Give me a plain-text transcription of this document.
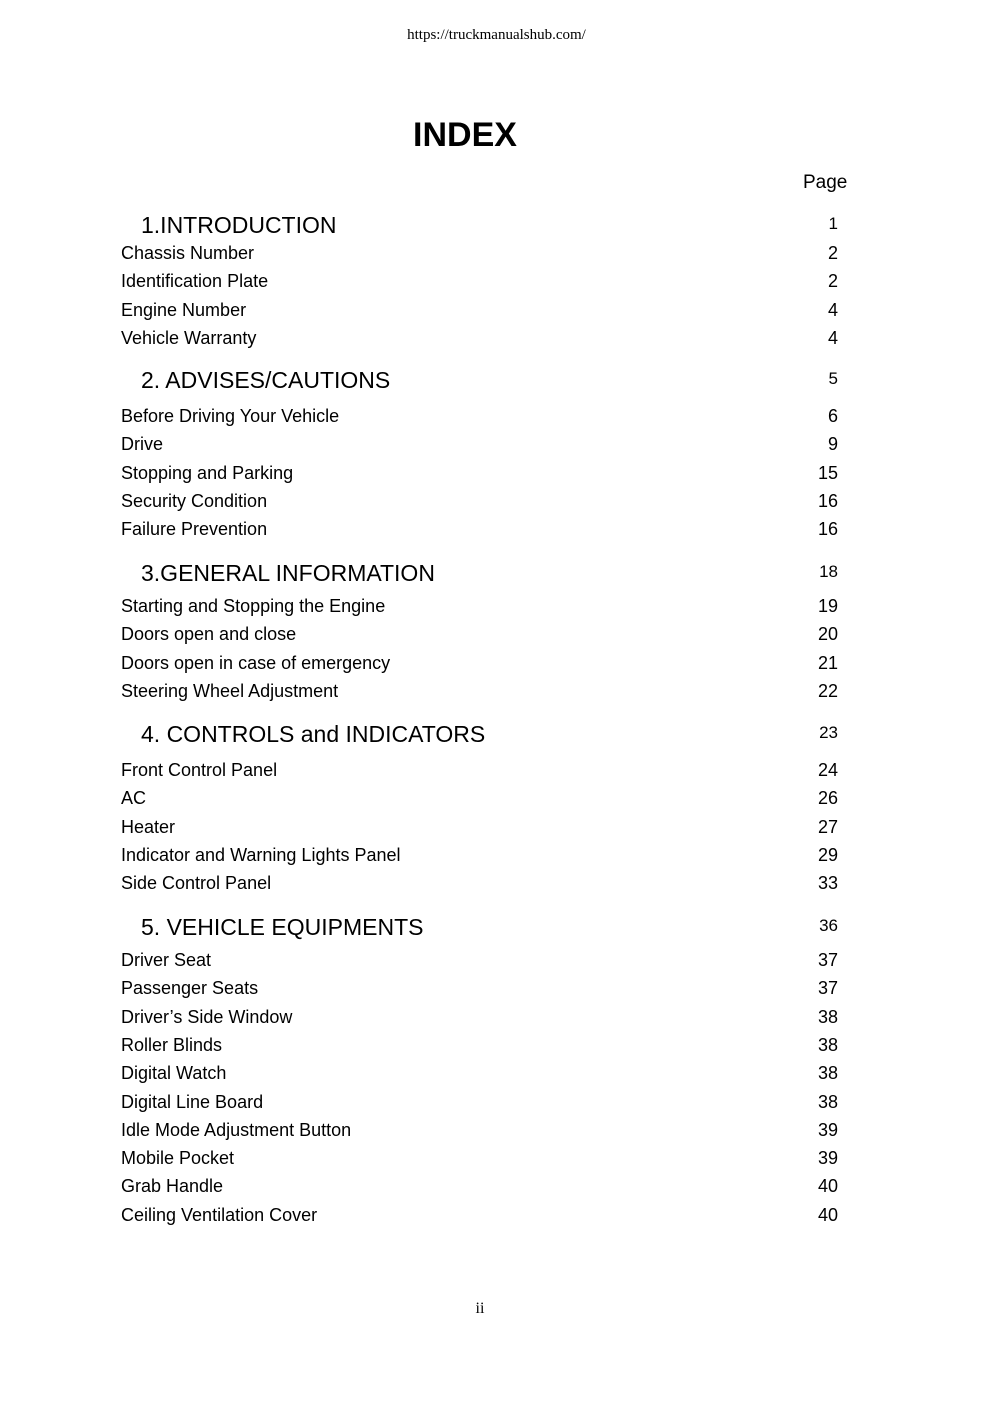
https://truckmanualshub.com/
INDEX
Page
1.INTRODUCTION	1
Chassis Number	2
Identification Plate	2
Engine Number	4
Vehicle Warranty	4
2. ADVISES/CAUTIONS	5
Before Driving Your Vehicle	6
Drive	9
Stopping and Parking	15
Security Condition	16
Failure Prevention	16
3.GENERAL INFORMATION	18
Starting and Stopping the Engine	19
Doors open and close	20
Doors open in case of emergency	21
Steering Wheel Adjustment	22
4. CONTROLS and INDICATORS	23
Front Control Panel	24
AC	26
Heater	27
Indicator and Warning Lights Panel	29
Side Control Panel	33
5. VEHICLE EQUIPMENTS	36
Driver Seat	37
Passenger Seats	37
Driver’s Side Window	38
Roller Blinds	38
Digital Watch	38
Digital Line Board	38
Idle Mode Adjustment Button	39
Mobile Pocket	39
Grab Handle	40
Ceiling Ventilation Cover	40
ii
